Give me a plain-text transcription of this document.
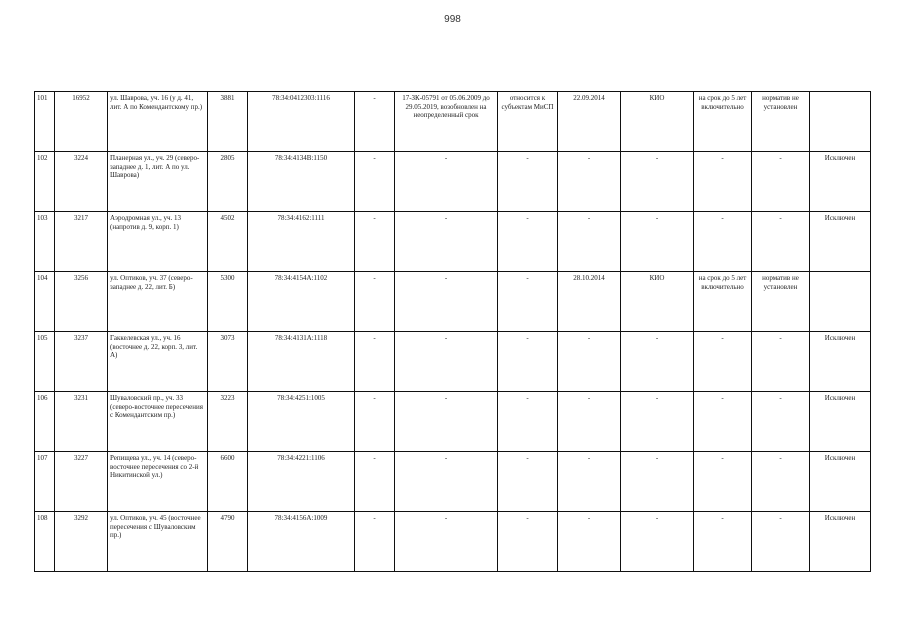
998
101	16952	ул. Шаврова, уч. 16 (у д. 41, лит. А по Комендантскому пр.)	3881	78:34:0412303:1116	-	17-ЗК-05791 от 05.06.2009 до 29.05.2019, возобновлен на неопределенный срок	относится к субъектам МиСП	22.09.2014	КИО	на срок до 5 лет включительно	норматив не установлен	
102	3224	Планерная ул., уч. 29 (северо-западнее д. 1, лит. А по ул. Шаврова)	2805	78:34:4134В:1150	-	-	-	-	-	-	-	Исключен
103	3217	Аэродромная ул., уч. 13 (напротив д. 9, корп. 1)	4502	78:34:4162:1111	-	-	-	-	-	-	-	Исключен
104	3256	ул. Оптиков, уч. 37 (северо-западнее д. 22, лит. Б)	5300	78:34:4154А:1102	-	-	-	28.10.2014	КИО	на срок до 5 лет включительно	норматив не установлен	
105	3237	Гаккелевская ул., уч. 16 (восточнее д. 22, корп. 3, лит. А)	3073	78:34:4131А:1118	-	-	-	-	-	-	-	Исключен
106	3231	Шуваловский пр., уч. 33 (северо-восточнее пересечения с Комендантским пр.)	3223	78:34:4251:1005	-	-	-	-	-	-	-	Исключен
107	3227	Репищева ул., уч. 14 (северо-восточнее пересечения со 2-й Никитинской ул.)	6600	78:34:4221:1106	-	-	-	-	-	-	-	Исключен
108	3292	ул. Оптиков, уч. 45 (восточнее пересечения с Шуваловским пр.)	4790	78:34:4156А:1009	-	-	-	-	-	-	-	Исключен
